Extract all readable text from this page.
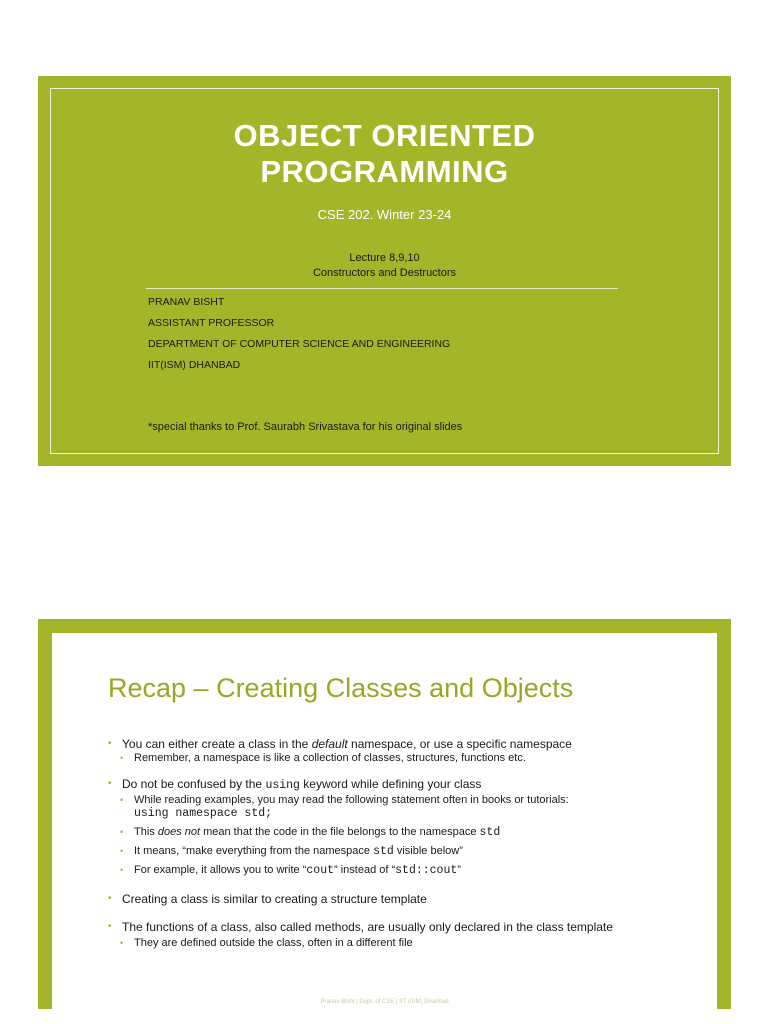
OBJECT ORIENTED
PROGRAMMING
CSE 202. Winter 23-24
Lecture 8,9,10
Constructors and Destructors
PRANAV BISHT
ASSISTANT PROFESSOR
DEPARTMENT OF COMPUTER SCIENCE AND ENGINEERING
IIT(ISM) DHANBAD
*special thanks to Prof. Saurabh Srivastava for his original slides
Recap – Creating Classes and Objects
• You can either create a class in the default namespace, or use a specific namespace
• Remember, a namespace is like a collection of classes, structures, functions etc.
• Do not be confused by the using keyword while defining your class
• While reading examples, you may read the following statement often in books or tutorials:
using namespace std;
• This does not mean that the code in the file belongs to the namespace std
• It means, “make everything from the namespace std visible below”
• For example, it allows you to write “cout” instead of “std::cout”
• Creating a class is similar to creating a structure template
• The functions of a class, also called methods, are usually only declared in the class template
• They are defined outside the class, often in a different file
Pranav Bisht | Dept. of CSE | IIT (ISM) Dhanbad
